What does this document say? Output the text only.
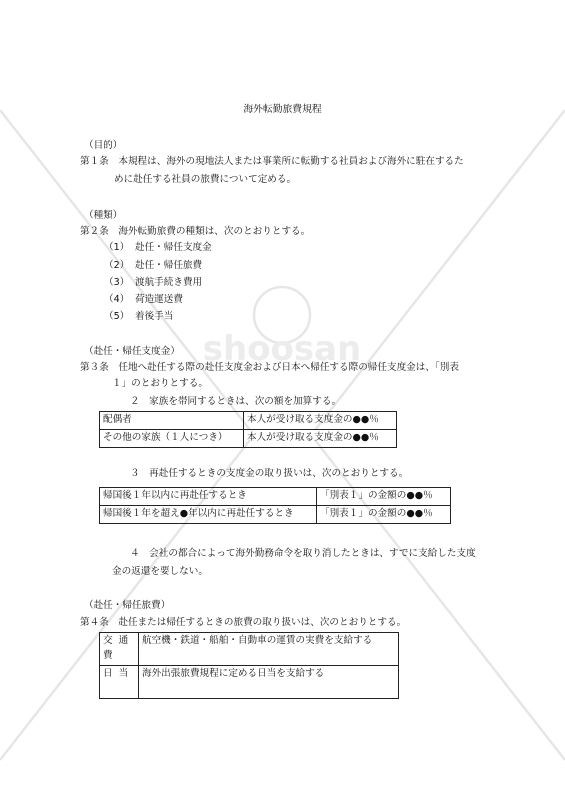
shoosan
海外転勤旅費規程
（目的）
第１条　本規程は、海外の現地法人または事業所に転勤する社員および海外に駐在するた
めに赴任する社員の旅費について定める。
（種類）
第２条　海外転勤旅費の種類は、次のとおりとする。
（1） 赴任・帰任支度金
（2） 赴任・帰任旅費
（3） 渡航手続き費用
（4） 荷造運送費
（5） 着後手当
（赴任・帰任支度金）
第３条　任地へ赴任する際の赴任支度金および日本へ帰任する際の帰任支度金は、「別表
１」のとおりとする。
２　家族を帯同するときは、次の額を加算する。
配偶者	本人が受け取る支度金の●●％
その他の家族（１人につき）	本人が受け取る支度金の●●％
３　再赴任するときの支度金の取り扱いは、次のとおりとする。
帰国後１年以内に再赴任するとき	「別表１」の金額の●●％
帰国後１年を超え●年以内に再赴任するとき	「別表１」の金額の●●％
４　会社の都合によって海外勤務命令を取り消したときは、すでに支給した支度
金の返還を要しない。
（赴任・帰任旅費）
第４条　赴任または帰任するときの旅費の取り扱いは、次のとおりとする。
交通費	航空機・鉄道・船舶・自動車の運賃の実費を支給する
日当	海外出張旅費規程に定める日当を支給する
